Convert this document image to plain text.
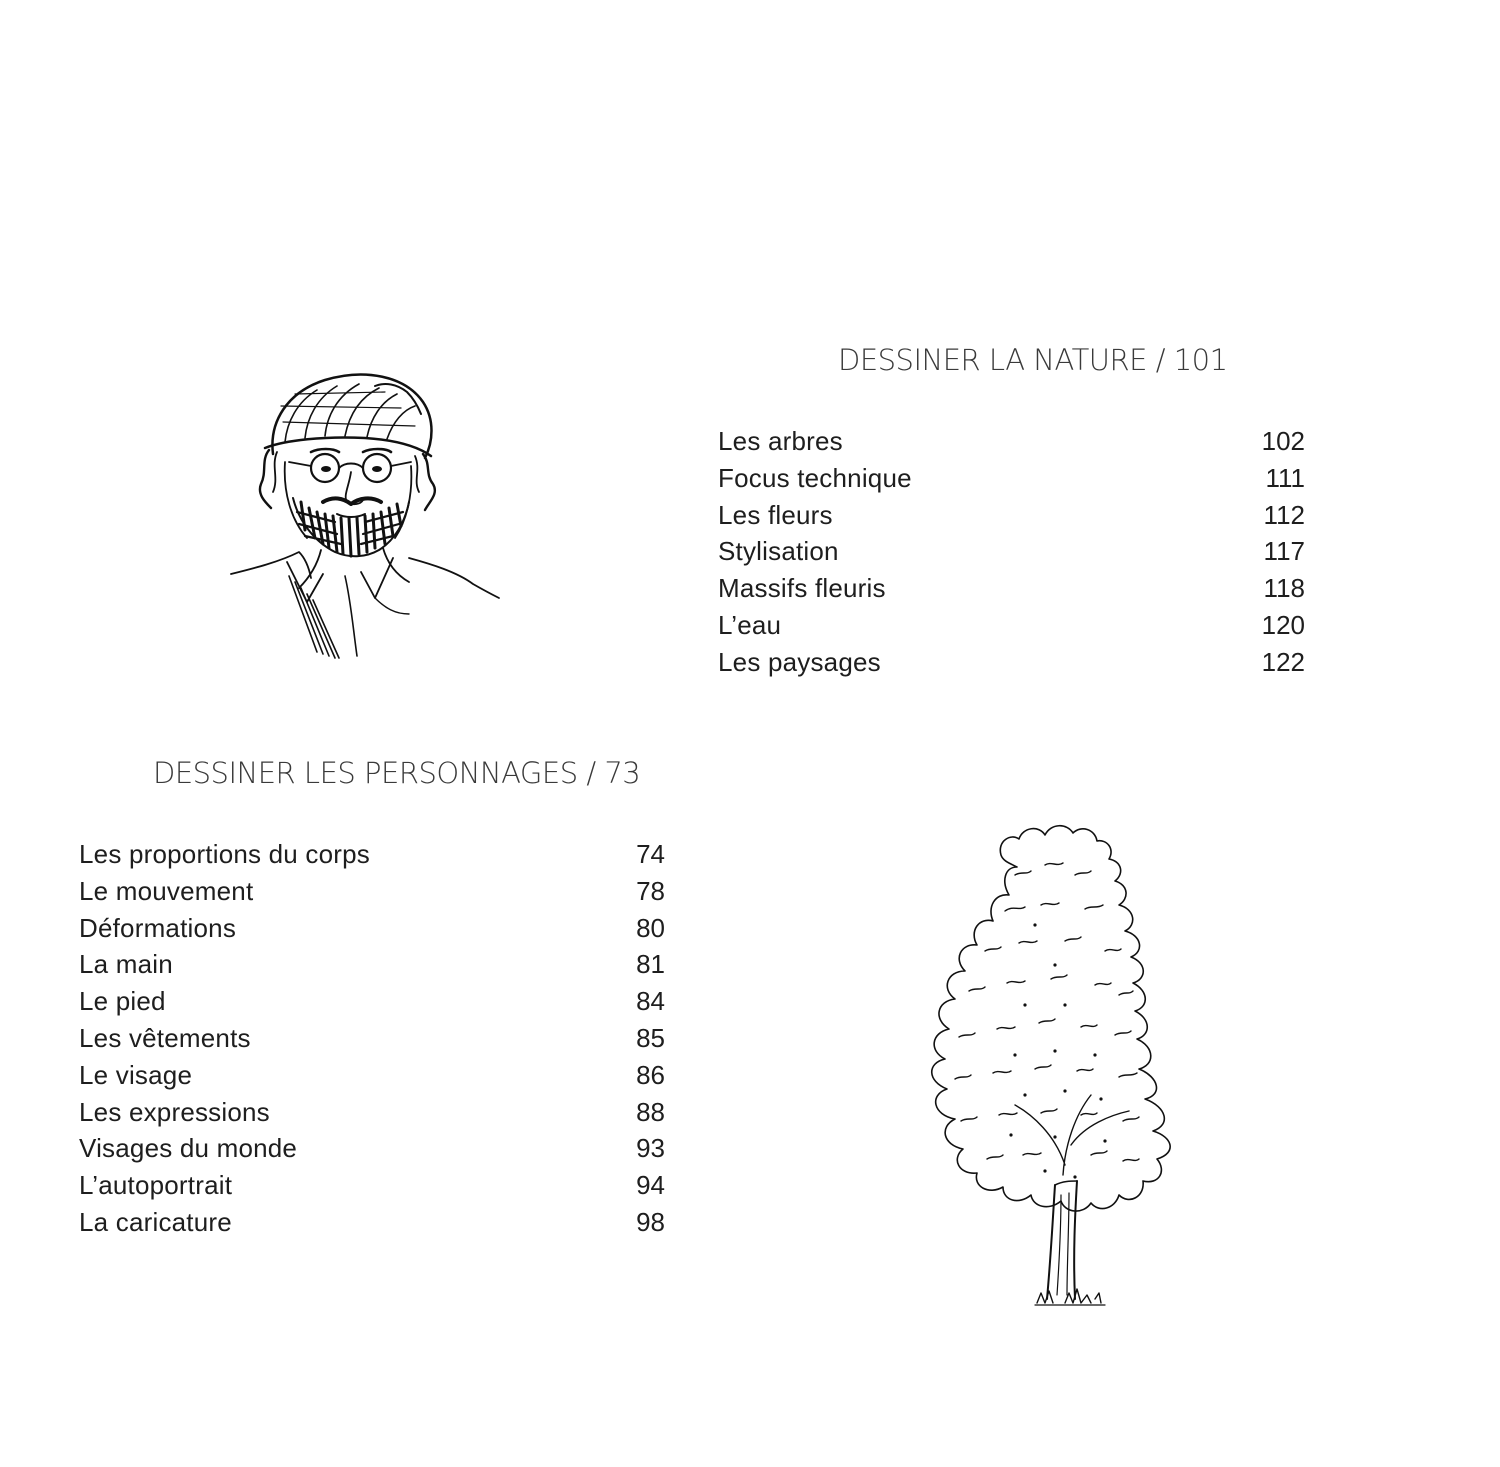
DESSINER LA NATURE / 101
Les arbres	102
Focus technique	111
Les fleurs	112
Stylisation	117
Massifs fleuris	118
L’eau	120
Les paysages	122
DESSINER LES PERSONNAGES / 73
Les proportions du corps	74
Le mouvement	78
Déformations	80
La main	81
Le pied	84
Les vêtements	85
Le visage	86
Les expressions	88
Visages du monde	93
L’autoportrait	94
La caricature	98
